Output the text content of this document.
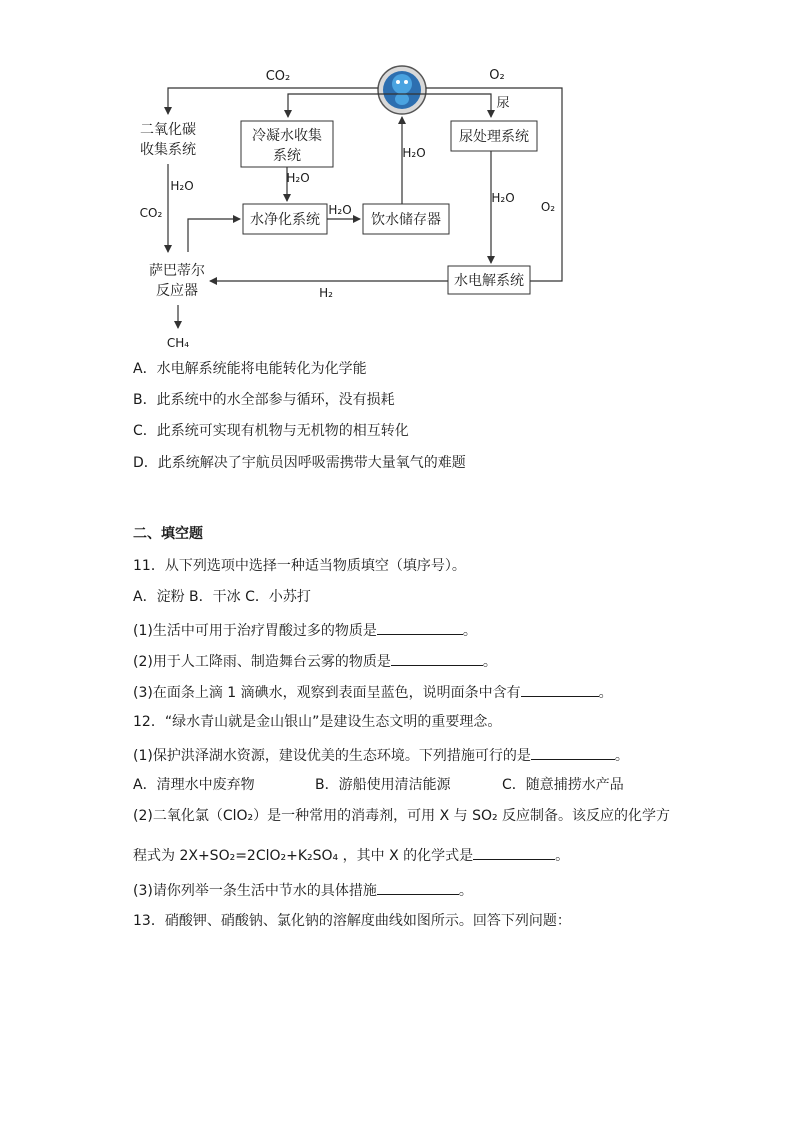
CO₂	O₂
尿
二氧化碳
收集系统
H₂O
CO₂
冷凝水收集
系统
H₂O
尿处理系统
H₂O
O₂
水净化系统
H₂O
饮水储存器
H₂O
水电解系统
H₂
萨巴蒂尔
反应器
CH₄
A．水电解系统能将电能转化为化学能
B．此系统中的水全部参与循环，没有损耗
C．此系统可实现有机物与无机物的相互转化
D．此系统解决了宇航员因呼吸需携带大量氧气的难题
二、填空题
11．从下列选项中选择一种适当物质填空（填序号）。
A．淀粉 B．干冰 C．小苏打
(1)生活中可用于治疗胃酸过多的物质是	。
(2)用于人工降雨、制造舞台云雾的物质是	。
(3)在面条上滴 1 滴碘水，观察到表面呈蓝色，说明面条中含有	。
12．“绿水青山就是金山银山”是建设生态文明的重要理念。
(1)保护洪泽湖水资源，建设优美的生态环境。下列措施可行的是	。
A．清理水中废弃物	B．游船使用清洁能源	C．随意捕捞水产品
(2)二氧化氯（ClO₂）是一种常用的消毒剂，可用 X 与 SO₂ 反应制备。该反应的化学方
程式为 2X+SO₂=2ClO₂+K₂SO₄ ，其中 X 的化学式是	。
(3)请你列举一条生活中节水的具体措施	。
13．硝酸钾、硝酸钠、氯化钠的溶解度曲线如图所示。回答下列问题：
